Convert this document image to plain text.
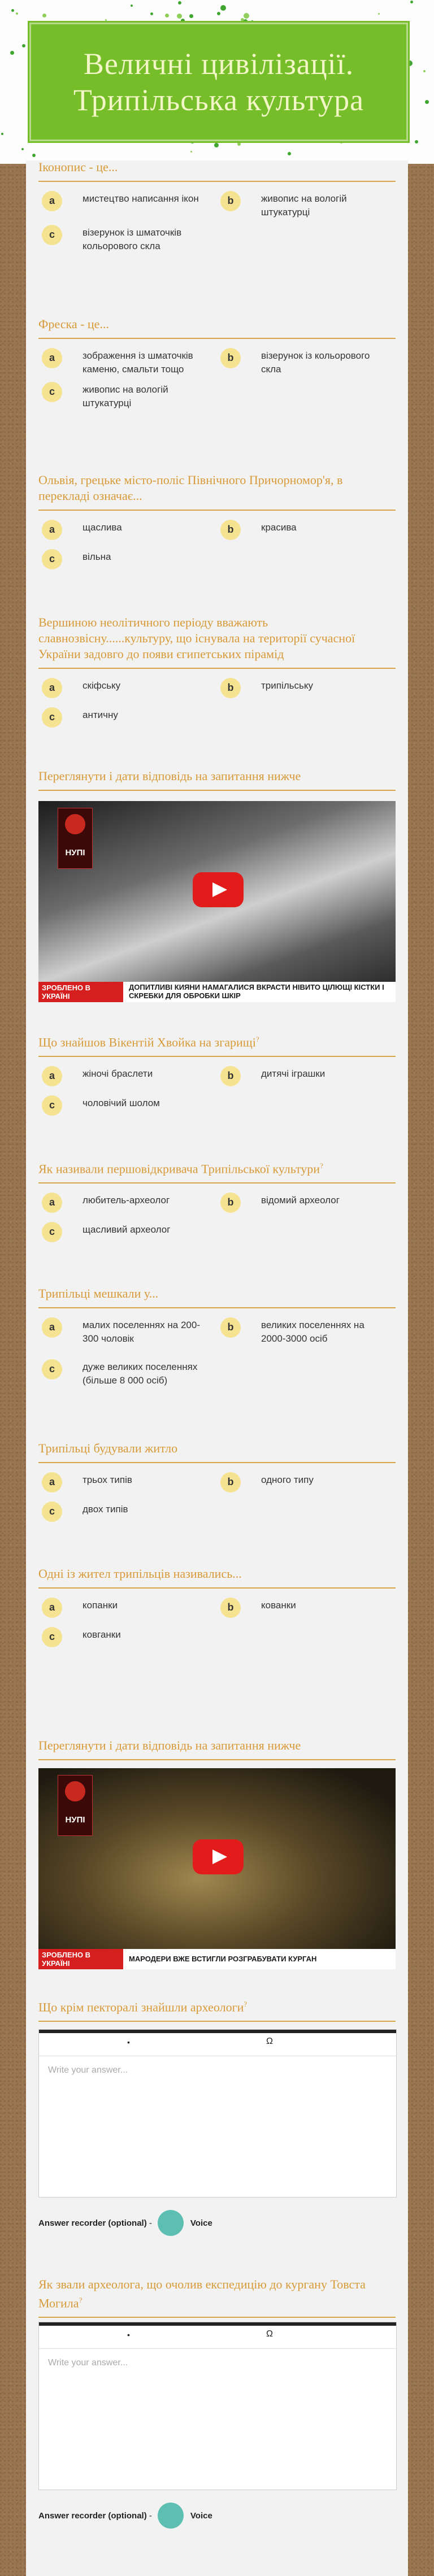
Величні цивілізації.
Трипільська культура
Іконопис - це...
a	мистецтво написання ікон	b	живопис на вологій штукатурці
c	візерунок із шматочків кольорового скла
Фреска - це...
a	зображення із шматочків каменю, смальти тощо
b	візерунок із кольорового скла
c	живопис на вологій штукатурці
Ольвія, грецьке місто-поліс Північного Причорномор'я, в перекладі означає...
a	щаслива	b	красива
c	вільна
Вершиною неолітичного періоду вважають славнозвісну......культуру, що існувала на території сучасної України задовго до появи єгипетських пірамід
a	скіфську	b	трипільську
c	античну
Переглянути і дати відповідь на запитання нижче
НУПІ
ЗРОБЛЕНО В УКРАЇНІ
ДОПИТЛИВІ КИЯНИ НАМАГАЛИСЯ ВКРАСТИ НІВИТО ЦІЛЮЩІ КІСТКИ І СКРЕБКИ ДЛЯ ОБРОБКИ ШКІР
Що знайшов Вікентій Хвойка на згарищі?
a	жіночі браслети	b	дитячі іграшки
c	чоловічий шолом
Як називали першовідкривача Трипільської культури?
a	любитель-археолог	b	відомий археолог
c	щасливий археолог
Трипільці мешкали у...
a	малих поселеннях на 200-300 чоловік
b	великих поселеннях на 2000-3000 осіб
c	дуже великих поселеннях (більше 8 000 осіб)
Трипільці будували житло
a	трьох типів	b	одного типу
c	двох типів
Одні із жител трипільців називались...
a	копанки	b	кованки
c	ковганки
Переглянути і дати відповідь на запитання нижче
НУПІ
ЗРОБЛЕНО В УКРАЇНІ
МАРОДЕРИ ВЖЕ ВСТИГЛИ РОЗГРАБУВАТИ КУРГАН
Що крім пекторалі знайшли археологи?
•	Ω
Write your answer...
Answer recorder
(optional)
-	Voice
Як звали археолога, що очолив експедицію до кургану Товста Могила?
•	Ω
Write your answer...
Answer recorder
(optional)
-	Voice
